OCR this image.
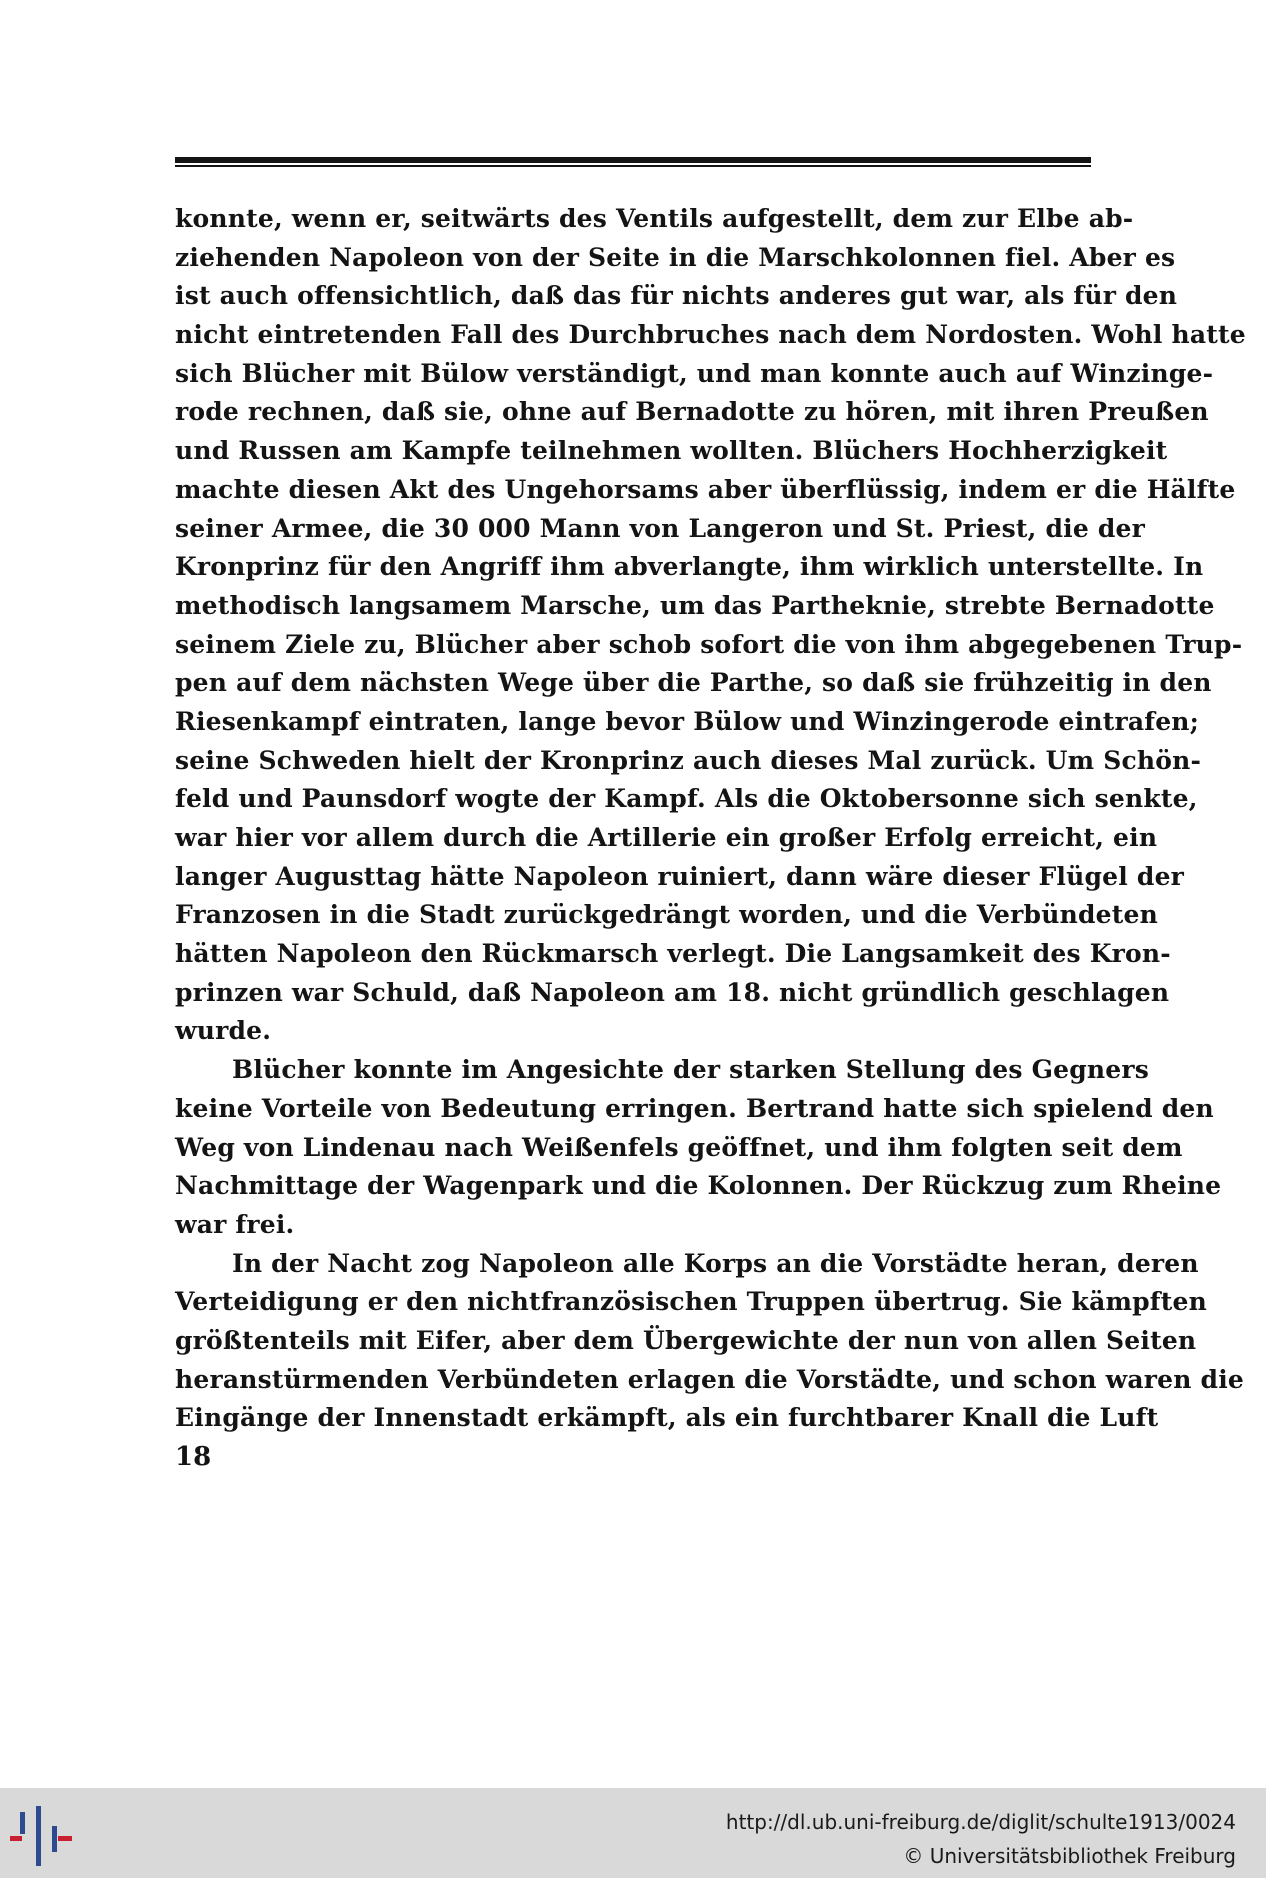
konnte, wenn er, seitwärts des Ventils aufgestellt, dem zur Elbe ab-
ziehenden Napoleon von der Seite in die Marschkolonnen fiel. Aber es
ist auch offensichtlich, daß das für nichts anderes gut war, als für den
nicht eintretenden Fall des Durchbruches nach dem Nordosten. Wohl hatte
sich Blücher mit Bülow verständigt, und man konnte auch auf Winzinge-
rode rechnen, daß sie, ohne auf Bernadotte zu hören, mit ihren Preußen
und Russen am Kampfe teilnehmen wollten. Blüchers Hochherzigkeit
machte diesen Akt des Ungehorsams aber überflüssig, indem er die Hälfte
seiner Armee, die 30 000 Mann von Langeron und St. Priest, die der
Kronprinz für den Angriff ihm abverlangte, ihm wirklich unterstellte. In
methodisch langsamem Marsche, um das Partheknie, strebte Bernadotte
seinem Ziele zu, Blücher aber schob sofort die von ihm abgegebenen Trup-
pen auf dem nächsten Wege über die Parthe, so daß sie frühzeitig in den
Riesenkampf eintraten, lange bevor Bülow und Winzingerode eintrafen;
seine Schweden hielt der Kronprinz auch dieses Mal zurück. Um Schön-
feld und Paunsdorf wogte der Kampf. Als die Oktobersonne sich senkte,
war hier vor allem durch die Artillerie ein großer Erfolg erreicht, ein
langer Augusttag hätte Napoleon ruiniert, dann wäre dieser Flügel der
Franzosen in die Stadt zurückgedrängt worden, und die Verbündeten
hätten Napoleon den Rückmarsch verlegt. Die Langsamkeit des Kron-
prinzen war Schuld, daß Napoleon am 18. nicht gründlich geschlagen
wurde.
Blücher konnte im Angesichte der starken Stellung des Gegners
keine Vorteile von Bedeutung erringen. Bertrand hatte sich spielend den
Weg von Lindenau nach Weißenfels geöffnet, und ihm folgten seit dem
Nachmittage der Wagenpark und die Kolonnen. Der Rückzug zum Rheine
war frei.
In der Nacht zog Napoleon alle Korps an die Vorstädte heran, deren
Verteidigung er den nichtfranzösischen Truppen übertrug. Sie kämpften
größtenteils mit Eifer, aber dem Übergewichte der nun von allen Seiten
heranstürmenden Verbündeten erlagen die Vorstädte, und schon waren die
Eingänge der Innenstadt erkämpft, als ein furchtbarer Knall die Luft
18
http://dl.ub.uni-freiburg.de/diglit/schulte1913/0024
© Universitätsbibliothek Freiburg
